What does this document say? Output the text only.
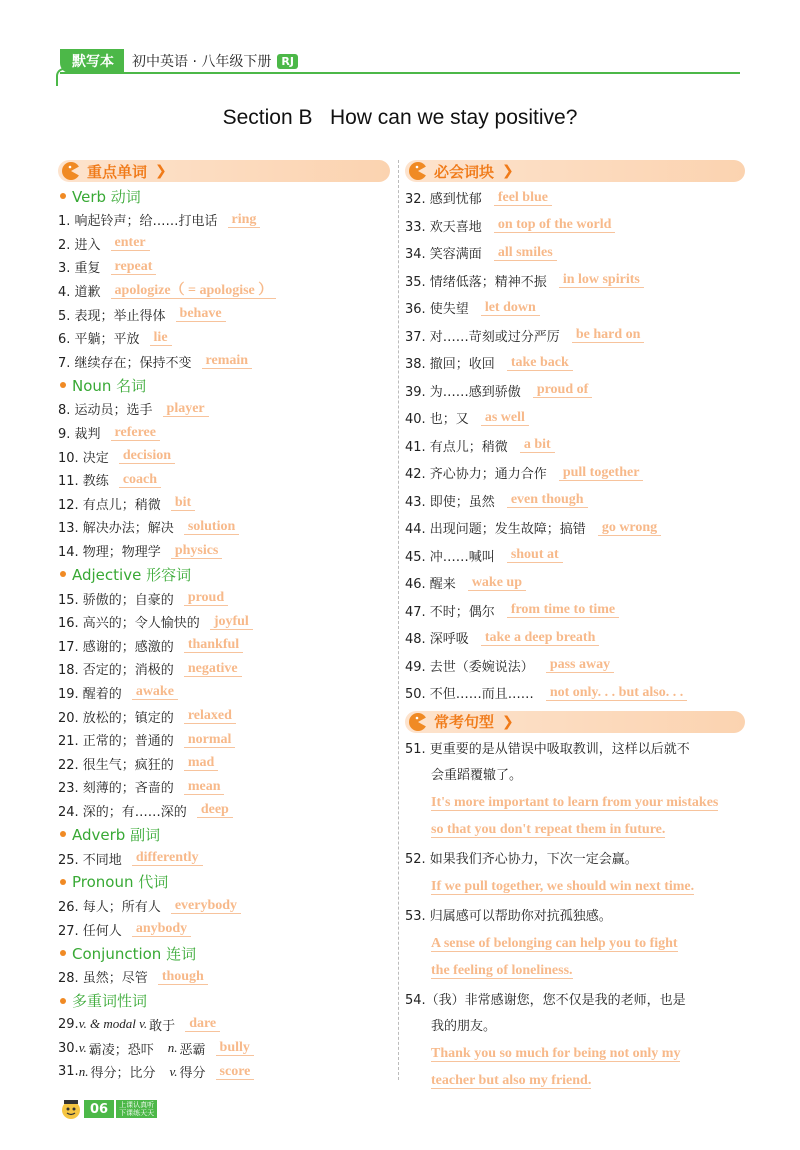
默写本	初中英语 · 八年级下册 RJ
Section B   How can we stay positive?
重点单词 ❯
Verb 动词
1. 响起铃声；给……打电话 ring
2. 进入 enter
3. 重复 repeat
4. 道歉 apologize（ = apologise ）
5. 表现；举止得体 behave
6. 平躺；平放 lie
7. 继续存在；保持不变 remain
Noun 名词
8. 运动员；选手 player
9. 裁判 referee
10. 决定 decision
11. 教练 coach
12. 有点儿；稍微 bit
13. 解决办法；解决 solution
14. 物理；物理学 physics
Adjective 形容词
15. 骄傲的；自豪的 proud
16. 高兴的；令人愉快的 joyful
17. 感谢的；感激的 thankful
18. 否定的；消极的 negative
19. 醒着的 awake
20. 放松的；镇定的 relaxed
21. 正常的；普通的 normal
22. 很生气；疯狂的 mad
23. 刻薄的；吝啬的 mean
24. 深的；有……深的 deep
Adverb 副词
25. 不同地 differently
Pronoun 代词
26. 每人；所有人 everybody
27. 任何人 anybody
Conjunction 连词
28. 虽然；尽管 though
多重词性词
29. v. & modal v. 敢于 dare
30. v. 霸凌；恐吓 n. 恶霸 bully
31. n. 得分；比分 v. 得分 score
必会词块 ❯
32. 感到忧郁 feel blue
33. 欢天喜地 on top of the world
34. 笑容满面 all smiles
35. 情绪低落；精神不振 in low spirits
36. 使失望 let down
37. 对……苛刻或过分严厉 be hard on
38. 撤回；收回 take back
39. 为……感到骄傲 proud of
40. 也；又 as well
41. 有点儿；稍微 a bit
42. 齐心协力；通力合作 pull together
43. 即使；虽然 even though
44. 出现问题；发生故障；搞错 go wrong
45. 冲……喊叫 shout at
46. 醒来 wake up
47. 不时；偶尔 from time to time
48. 深呼吸 take a deep breath
49. 去世（委婉说法） pass away
50. 不但……而且…… not only. . . but also. . .
常考句型 ❯
51. 更重要的是从错误中吸取教训，这样以后就不
会重蹈覆辙了。
It's more important to learn from your mistakes
so that you don't repeat them in future.
52. 如果我们齐心协力，下次一定会赢。
If we pull together, we should win next time.
53. 归属感可以帮助你对抗孤独感。
A sense of belonging can help you to fight
the feeling of loneliness.
54.（我）非常感谢您，您不仅是我的老师，也是
我的朋友。
Thank you so much for being not only my
teacher but also my friend.
06	上课认真听
下课练天天
